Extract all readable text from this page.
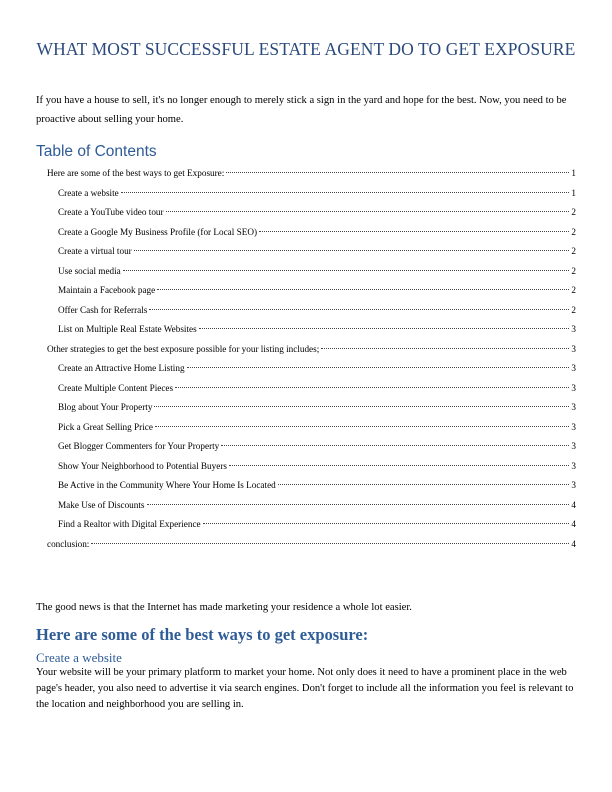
WHAT MOST SUCCESSFUL ESTATE AGENT DO TO GET EXPOSURE
If you have a house to sell, it's no longer enough to merely stick a sign in the yard and hope for the best. Now, you need to be proactive about selling your home.
Table of Contents
Here are some of the best ways to get Exposure:	1
Create a website	1
Create a YouTube video tour	2
Create a Google My Business Profile (for Local SEO)	2
Create a virtual tour	2
Use social media	2
Maintain a Facebook page	2
Offer Cash for Referrals	2
List on Multiple Real Estate Websites	3
Other strategies to get the best exposure possible for your listing includes;	3
Create an Attractive Home Listing	3
Create Multiple Content Pieces	3
Blog about Your Property	3
Pick a Great Selling Price	3
Get Blogger Commenters for Your Property	3
Show Your Neighborhood to Potential Buyers	3
Be Active in the Community Where Your Home Is Located	3
Make Use of Discounts	4
Find a Realtor with Digital Experience	4
conclusion:	4
The good news is that the Internet has made marketing your residence a whole lot easier.
Here are some of the best ways to get exposure:
Create a website
Your website will be your primary platform to market your home. Not only does it need to have a prominent place in the web page's header, you also need to advertise it via search engines. Don't forget to include all the information you feel is relevant to the location and neighborhood you are selling in.
